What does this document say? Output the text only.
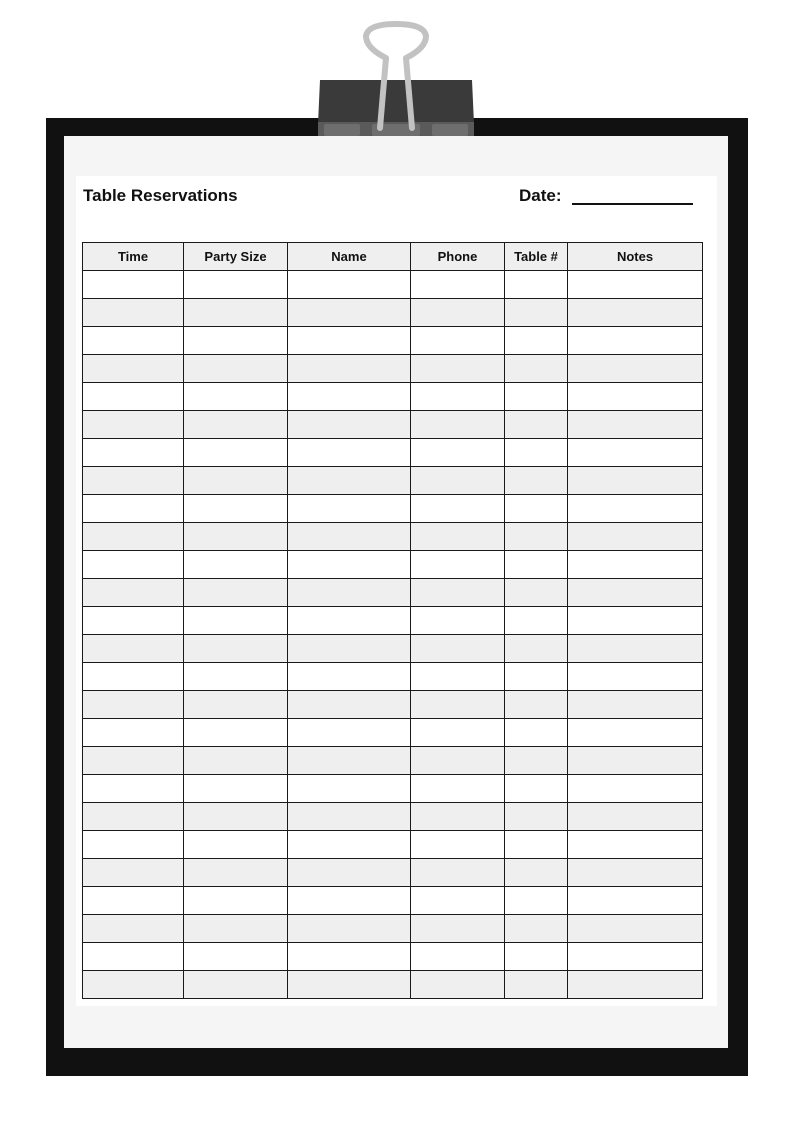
Table Reservations	Date:
Time	Party Size	Name	Phone	Table #	Notes
